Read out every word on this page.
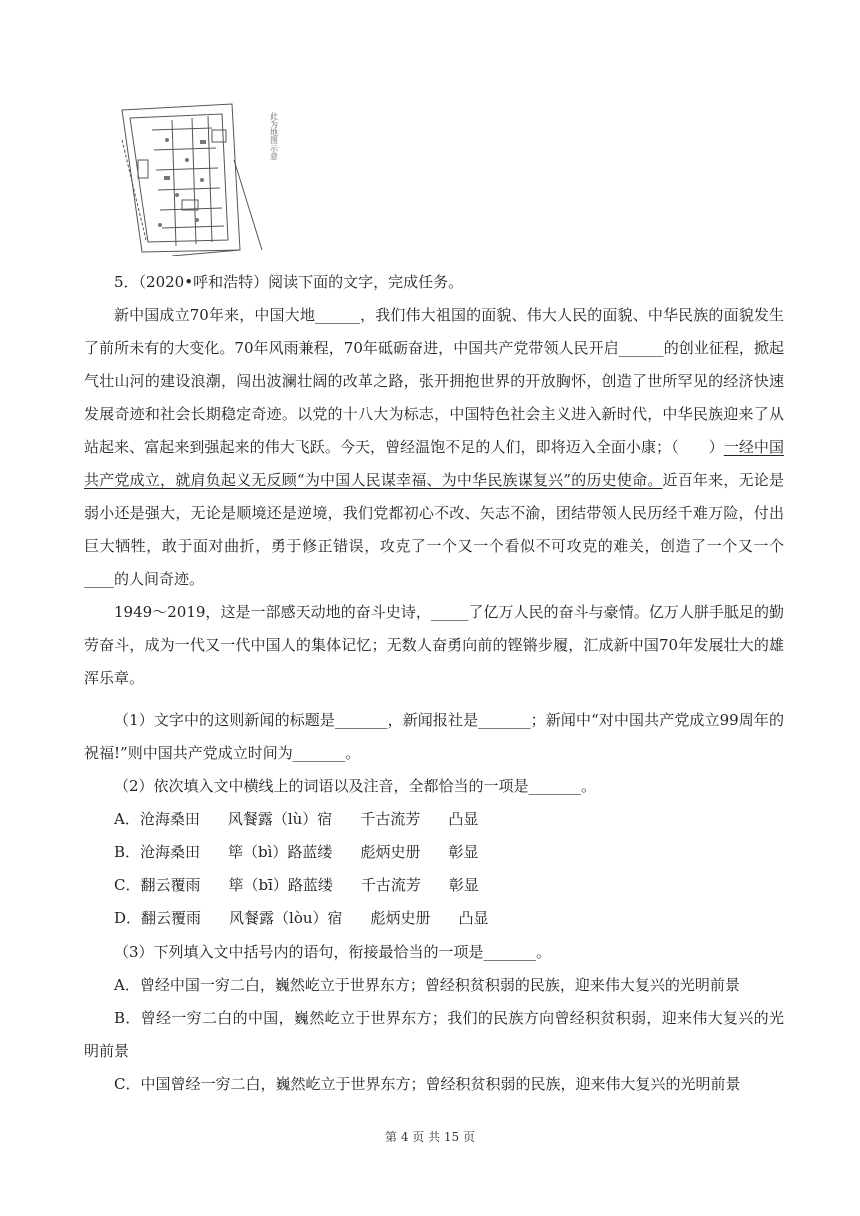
此为地图示意
5．（2020•呼和浩特）阅读下面的文字，完成任务。

新中国成立70年来，中国大地______，我们伟大祖国的面貌、伟大人民的面貌、中华民族的面貌发生了前所未有的大变化。70年风雨兼程，70年砥砺奋进，中国共产党带领人民开启______的创业征程，掀起气壮山河的建设浪潮，闯出波澜壮阔的改革之路，张开拥抱世界的开放胸怀，创造了世所罕见的经济快速发展奇迹和社会长期稳定奇迹。以党的十八大为标志，中国特色社会主义进入新时代，中华民族迎来了从站起来、富起来到强起来的伟大飞跃。今天，曾经温饱不足的人们，即将迈入全面小康；（　　）一经中国共产党成立，就肩负起义无反顾“为中国人民谋幸福、为中华民族谋复兴”的历史使命。近百年来，无论是弱小还是强大，无论是顺境还是逆境，我们党都初心不改、矢志不渝，团结带领人民历经千难万险，付出巨大牺牲，敢于面对曲折，勇于修正错误，攻克了一个又一个看似不可攻克的难关，创造了一个又一个____的人间奇迹。

1949～2019，这是一部感天动地的奋斗史诗，_____了亿万人民的奋斗与豪情。亿万人胼手胝足的勤劳奋斗，成为一代又一代中国人的集体记忆；无数人奋勇向前的铿锵步履，汇成新中国70年发展壮大的雄浑乐章。

（1）文字中的这则新闻的标题是_______，新闻报社是_______；新闻中“对中国共产党成立99周年的祝福!”则中国共产党成立时间为_______。

（2）依次填入文中横线上的词语以及注音，全都恰当的一项是_______。
A．沧海桑田 风餐露（lù）宿 千古流芳 凸显
B．沧海桑田 筚（bì）路蓝缕 彪炳史册 彰显
C．翻云覆雨 筚（bī）路蓝缕 千古流芳 彰显
D．翻云覆雨 风餐露（lòu）宿 彪炳史册 凸显
（3）下列填入文中括号内的语句，衔接最恰当的一项是_______。
A．曾经中国一穷二白，巍然屹立于世界东方；曾经积贫积弱的民族，迎来伟大复兴的光明前景

B．曾经一穷二白的中国，巍然屹立于世界东方；我们的民族方向曾经积贫积弱，迎来伟大复兴的光明前景

C．中国曾经一穷二白，巍然屹立于世界东方；曾经积贫积弱的民族，迎来伟大复兴的光明前景
第 4 页 共 15 页
